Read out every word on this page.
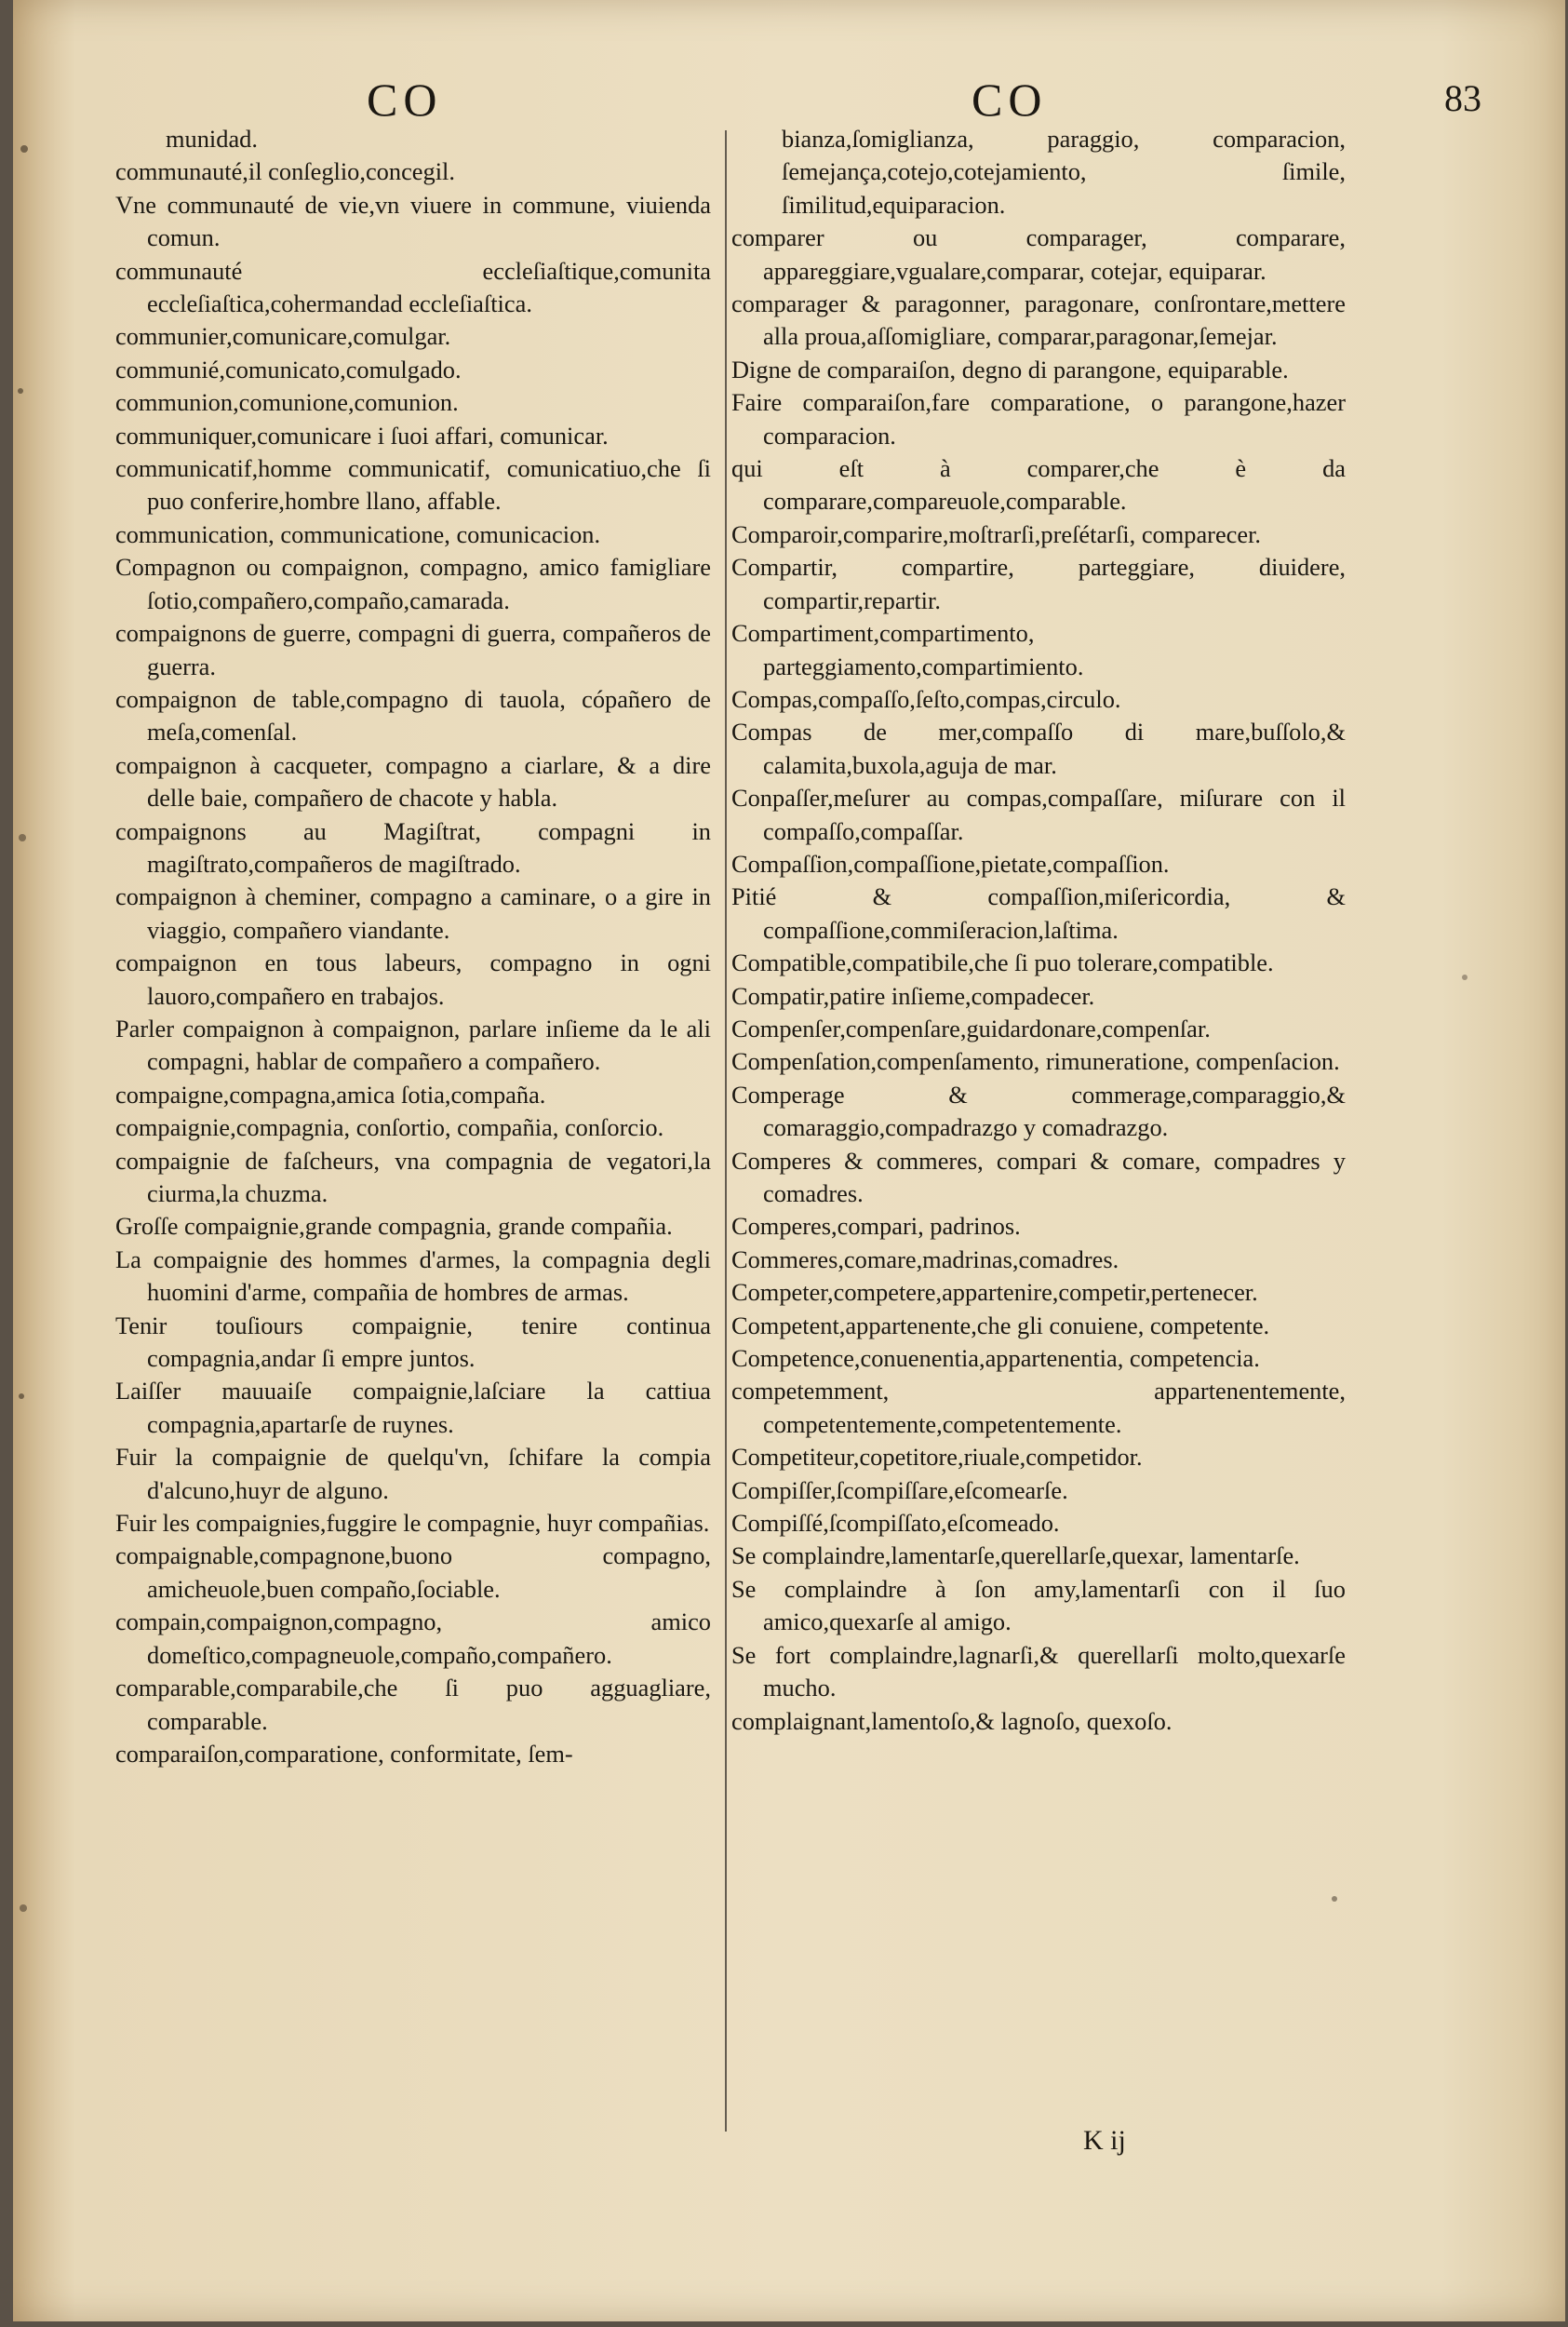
CO	CO	83

munidad.

communauté,il conſeglio,concegil.

Vne communauté de vie,vn viuere in commune, viuienda comun.

communauté eccleſiaſtique,comunita eccleſiaſtica,cohermandad eccleſiaſtica.

communier,comunicare,comulgar.

communié,comunicato,comulgado.

communion,comunione,comunion.

communiquer,comunicare i ſuoi affari, comunicar.

communicatif,homme communicatif, comunicatiuo,che ſi puo conferire,hombre llano, affable.

communication, communicatione, comunicacion.

Compagnon ou compaignon, compagno, amico famigliare ſotio,compañero,compaño,camarada.

compaignons de guerre, compagni di guerra, compañeros de guerra.

compaignon de table,compagno di tauola, cópañero de meſa,comenſal.

compaignon à cacqueter, compagno a ciarlare, & a dire delle baie, compañero de chacote y habla.

compaignons au Magiſtrat, compagni in magiſtrato,compañeros de magiſtrado.

compaignon à cheminer, compagno a caminare, o a gire in viaggio, compañero viandante.

compaignon en tous labeurs, compagno in ogni lauoro,compañero en trabajos.

Parler compaignon à compaignon, parlare inſieme da le ali compagni, hablar de compañero a compañero.

compaigne,compagna,amica ſotia,compaña.

compaignie,compagnia, conſortio, compañia, conſorcio.

compaignie de faſcheurs, vna compagnia de vegatori,la ciurma,la chuzma.

Groſſe compaignie,grande compagnia, grande compañia.

La compaignie des hommes d'armes, la compagnia degli huomini d'arme, compañia de hombres de armas.

Tenir touſiours compaignie, tenire continua compagnia,andar ſi empre juntos.

Laiſſer mauuaiſe compaignie,laſciare la cattiua compagnia,apartarſe de ruynes.

Fuir la compaignie de quelqu'vn, ſchifare la compia d'alcuno,huyr de alguno.

Fuir les compaignies,fuggire le compagnie, huyr compañias.

compaignable,compagnone,buono compagno, amicheuole,buen compaño,ſociable.

compain,compaignon,compagno, amico domeſtico,compagneuole,compaño,compañero.

comparable,comparabile,che ſi puo agguagliare, comparable.

comparaiſon,comparatione, conformitate, ſem-

bianza,ſomiglianza, paraggio, comparacion, ſemejança,cotejo,cotejamiento, ſimile, ſimilitud,equiparacion.

comparer ou comparager, comparare, appareggiare,vgualare,comparar, cotejar, equiparar.

comparager & paragonner, paragonare, conſrontare,mettere alla proua,aſſomigliare, comparar,paragonar,ſemejar.

Digne de comparaiſon, degno di parangone, equiparable.

Faire comparaiſon,fare comparatione, o parangone,hazer comparacion.

qui eſt à comparer,che è da comparare,compareuole,comparable.

Comparoir,comparire,moſtrarſi,preſétarſi, comparecer.

Compartir, compartire, parteggiare, diuidere, compartir,repartir.

Compartiment,compartimento, parteggiamento,compartimiento.

Compas,compaſſo,ſeſto,compas,circulo.

Compas de mer,compaſſo di mare,buſſolo,& calamita,buxola,aguja de mar.

Conpaſſer,meſurer au compas,compaſſare, miſurare con il compaſſo,compaſſar.

Compaſſion,compaſſione,pietate,compaſſion.

Pitié & compaſſion,miſericordia, & compaſſione,commiſeracion,laſtima.

Compatible,compatibile,che ſi puo tolerare,compatible.

Compatir,patire inſieme,compadecer.

Compenſer,compenſare,guidardonare,compenſar.

Compenſation,compenſamento, rimuneratione, compenſacion.

Comperage & commerage,comparaggio,& comaraggio,compadrazgo y comadrazgo.

Comperes & commeres, compari & comare, compadres y comadres.

Comperes,compari, padrinos.

Commeres,comare,madrinas,comadres.

Competer,competere,appartenire,competir,pertenecer.

Competent,appartenente,che gli conuiene, competente.

Competence,conuenentia,appartenentia, competencia.

competemment, appartenentemente, competentemente,competentemente.

Competiteur,copetitore,riuale,competidor.

Compiſſer,ſcompiſſare,eſcomearſe.

Compiſſé,ſcompiſſato,eſcomeado.

Se complaindre,lamentarſe,querellarſe,quexar, lamentarſe.

Se complaindre à ſon amy,lamentarſi con il ſuo amico,quexarſe al amigo.

Se fort complaindre,lagnarſi,& querellarſi molto,quexarſe mucho.

complaignant,lamentoſo,& lagnoſo, quexoſo.

K ij
